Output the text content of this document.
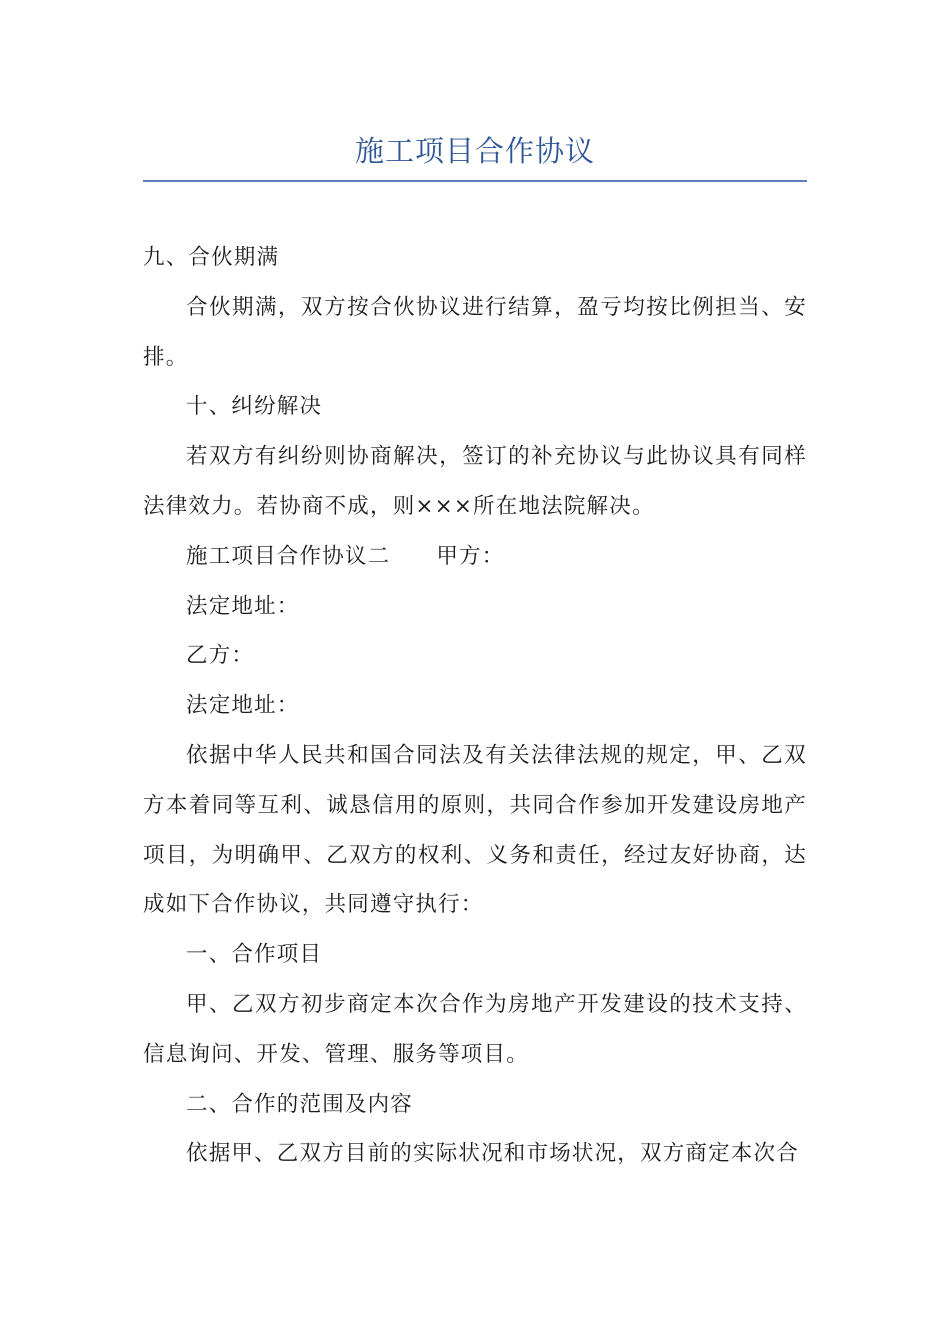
施工项目合作协议

九、合伙期满

合伙期满，双方按合伙协议进行结算，盈亏均按比例担当、安排。

十、纠纷解决

若双方有纠纷则协商解决，签订的补充协议与此协议具有同样法律效力。若协商不成，则×××所在地法院解决。

施工项目合作协议二 甲方：

法定地址：

乙方：

法定地址：

依据中华人民共和国合同法及有关法律法规的规定，甲、乙双方本着同等互利、诚恳信用的原则，共同合作参加开发建设房地产项目，为明确甲、乙双方的权利、义务和责任，经过友好协商，达成如下合作协议，共同遵守执行：

一、合作项目

甲、乙双方初步商定本次合作为房地产开发建设的技术支持、信息询问、开发、管理、服务等项目。

二、合作的范围及内容

依据甲、乙双方目前的实际状况和市场状况，双方商定本次合
